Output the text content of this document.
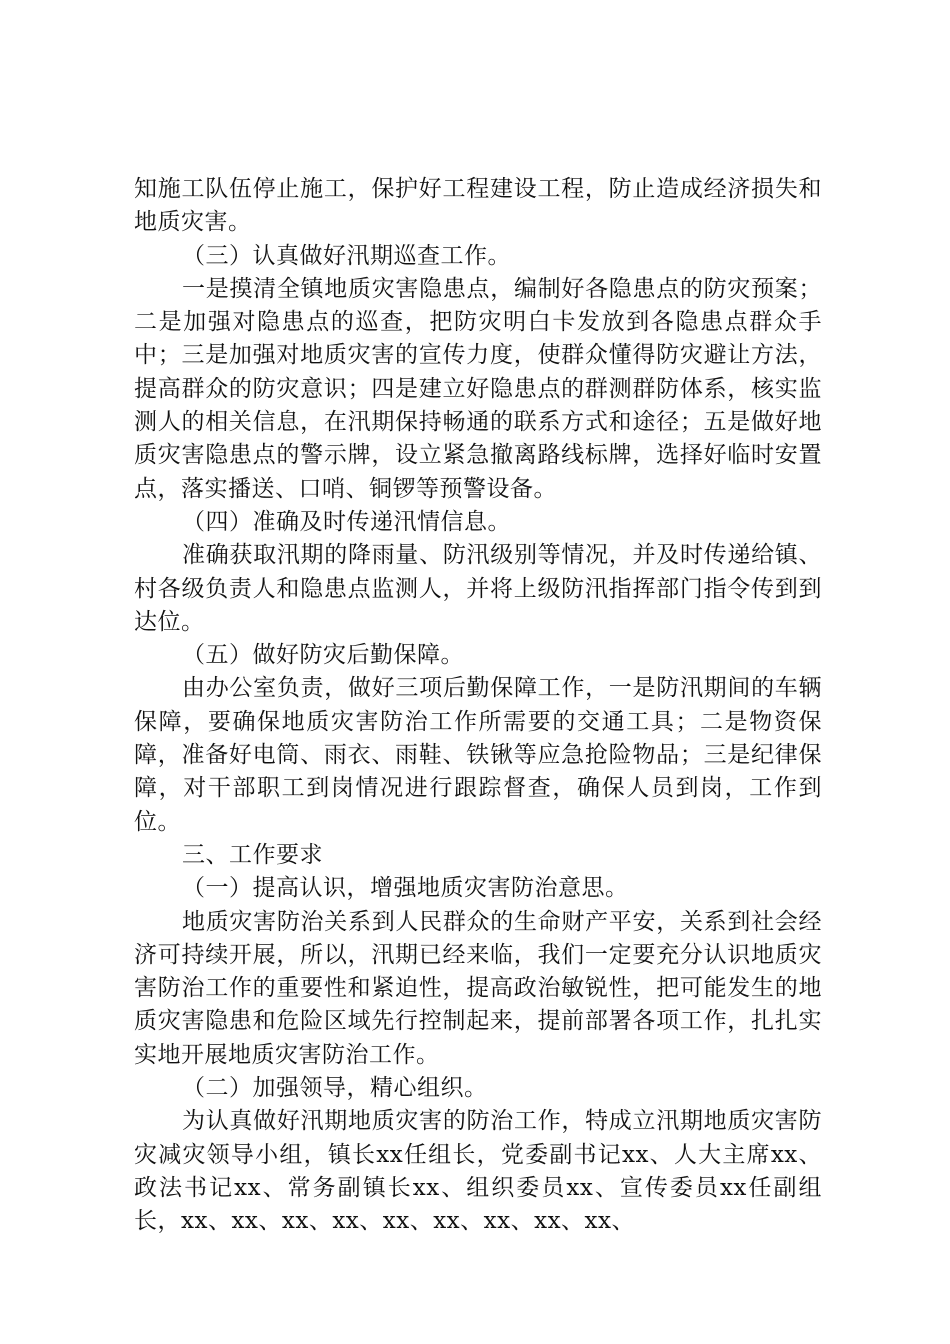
知施工队伍停止施工，保护好工程建设工程，防止造成经济损失和地质灾害。

（三）认真做好汛期巡查工作。

一是摸清全镇地质灾害隐患点，编制好各隐患点的防灾预案；二是加强对隐患点的巡查，把防灾明白卡发放到各隐患点群众手中；三是加强对地质灾害的宣传力度，使群众懂得防灾避让方法，提高群众的防灾意识；四是建立好隐患点的群测群防体系，核实监测人的相关信息，在汛期保持畅通的联系方式和途径；五是做好地质灾害隐患点的警示牌，设立紧急撤离路线标牌，选择好临时安置点，落实播送、口哨、铜锣等预警设备。

（四）准确及时传递汛情信息。

准确获取汛期的降雨量、防汛级别等情况，并及时传递给镇、村各级负责人和隐患点监测人，并将上级防汛指挥部门指令传到到达位。

（五）做好防灾后勤保障。

由办公室负责，做好三项后勤保障工作，一是防汛期间的车辆保障，要确保地质灾害防治工作所需要的交通工具；二是物资保障，准备好电筒、雨衣、雨鞋、铁锹等应急抢险物品；三是纪律保障，对干部职工到岗情况进行跟踪督查，确保人员到岗，工作到位。

三、工作要求

（一）提高认识，增强地质灾害防治意思。

地质灾害防治关系到人民群众的生命财产平安，关系到社会经济可持续开展，所以，汛期已经来临，我们一定要充分认识地质灾害防治工作的重要性和紧迫性，提高政治敏锐性，把可能发生的地质灾害隐患和危险区域先行控制起来，提前部署各项工作，扎扎实实地开展地质灾害防治工作。

（二）加强领导，精心组织。

为认真做好汛期地质灾害的防治工作，特成立汛期地质灾害防灾减灾领导小组，镇长xx任组长，党委副书记xx、人大主席xx、政法书记xx、常务副镇长xx、组织委员xx、宣传委员xx任副组长，xx、xx、xx、xx、xx、xx、xx、xx、xx、
